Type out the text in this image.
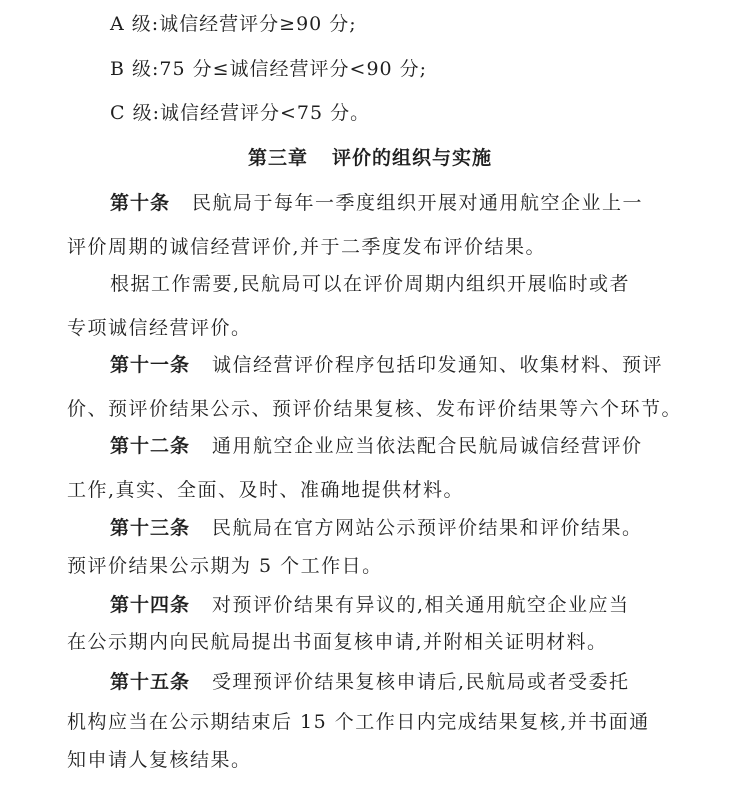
A 级:诚信经营评分≥90 分;
B 级:75 分≤诚信经营评分<90 分;
C 级:诚信经营评分<75 分。
第三章 评价的组织与实施
第十条 民航局于每年一季度组织开展对通用航空企业上一
评价周期的诚信经营评价,并于二季度发布评价结果。
根据工作需要,民航局可以在评价周期内组织开展临时或者
专项诚信经营评价。
第十一条 诚信经营评价程序包括印发通知、收集材料、预评
价、预评价结果公示、预评价结果复核、发布评价结果等六个环节。
第十二条 通用航空企业应当依法配合民航局诚信经营评价
工作,真实、全面、及时、准确地提供材料。
第十三条 民航局在官方网站公示预评价结果和评价结果。
预评价结果公示期为 5 个工作日。
第十四条 对预评价结果有异议的,相关通用航空企业应当
在公示期内向民航局提出书面复核申请,并附相关证明材料。
第十五条 受理预评价结果复核申请后,民航局或者受委托
机构应当在公示期结束后 15 个工作日内完成结果复核,并书面通
知申请人复核结果。
